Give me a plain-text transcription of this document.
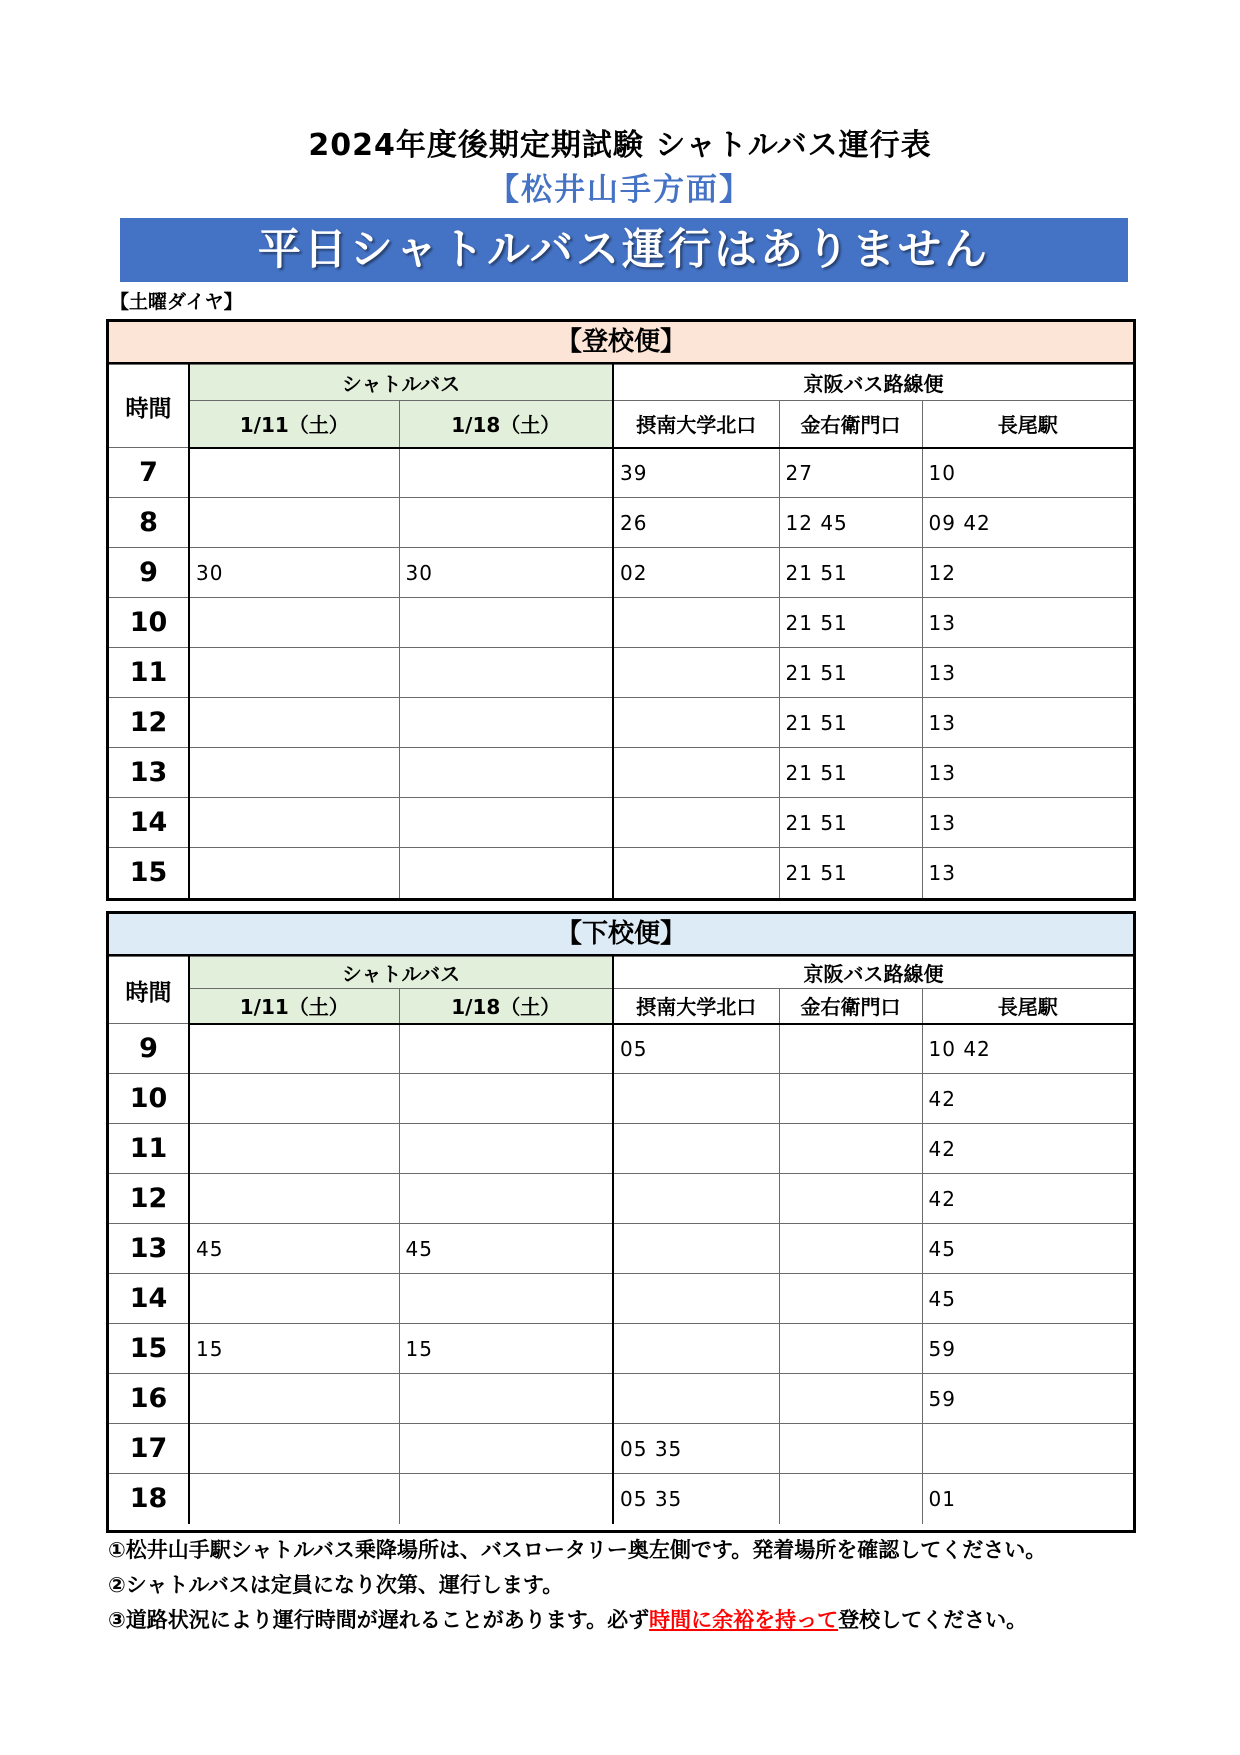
2024年度後期定期試験 シャトルバス運行表
【松井山手方面】
平日シャトルバス運行はありません
【土曜ダイヤ】
【登校便】
時間	シャトルバス		京阪バス路線便		
	1/11（土）	1/18（土）	摂南大学北口	金右衛門口	長尾駅
7			39	27	10
8			26	12 45	09 42
9	30	30	02	21 51	12
10				21 51	13
11				21 51	13
12				21 51	13
13				21 51	13
14				21 51	13
15				21 51	13
【下校便】
時間	シャトルバス		京阪バス路線便		
	1/11（土）	1/18（土）	摂南大学北口	金右衛門口	長尾駅
9			05		10 42
10					42
11					42
12					42
13	45	45			45
14					45
15	15	15			59
16					59
17			05 35		
18			05 35		01
①松井山手駅シャトルバス乗降場所は、バスロータリー奥左側です。発着場所を確認してください。
②シャトルバスは定員になり次第、運行します。
③道路状況により運行時間が遅れることがあります。必ず時間に余裕を持って登校してください。
